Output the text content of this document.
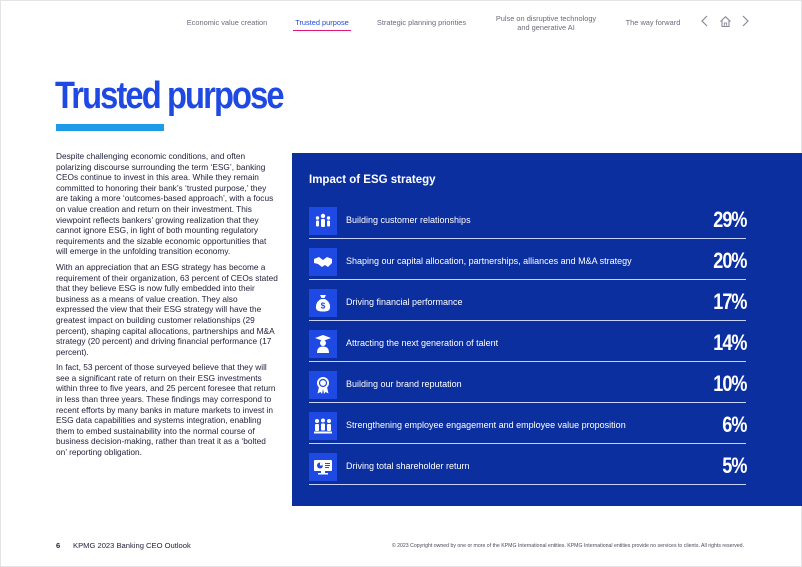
Economic value creation	Trusted purpose	Strategic planning priorities	Pulse on disruptive technology
and generative AI
The way forward
Trusted purpose

Despite challenging economic conditions, and often polarizing discourse surrounding the term ‘ESG’, banking CEOs continue to invest in this area. While they remain committed to honoring their bank’s ‘trusted purpose,’ they are taking a more ‘outcomes-based approach’, with a focus on value creation and return on their investment. This viewpoint reflects bankers’ growing realization that they cannot ignore ESG, in light of both mounting regulatory requirements and the sizable economic opportunities that will emerge in the unfolding transition economy.

With an appreciation that an ESG strategy has become a requirement of their organization, 63 percent of CEOs stated that they believe ESG is now fully embedded into their business as a means of value creation. They also expressed the view that their ESG strategy will have the greatest impact on building customer relationships (29 percent), shaping capital allocations, partnerships and M&A strategy (20 percent) and driving financial performance (17 percent).

In fact, 53 percent of those surveyed believe that they will see a significant rate of return on their ESG investments within three to five years, and 25 percent foresee that return in less than three years. These findings may correspond to recent efforts by many banks in mature markets to invest in ESG data capabilities and systems integration, enabling them to embed sustainability into the normal course of business decision-making, rather than treat it as a ‘bolted on’ reporting obligation.

Impact of ESG strategy
Building customer relationships	29%
Shaping our capital allocation, partnerships, alliances and M&A strategy	20%
$ Driving financial performance	17%
Attracting the next generation of talent	14%
Building our brand reputation	10%
Strengthening employee engagement and employee value proposition	6%
Driving total shareholder return	5%
6 KPMG 2023 Banking CEO Outlook	© 2023 Copyright owned by one or more of the KPMG International entities. KPMG International entities provide no services to clients. All rights reserved.
